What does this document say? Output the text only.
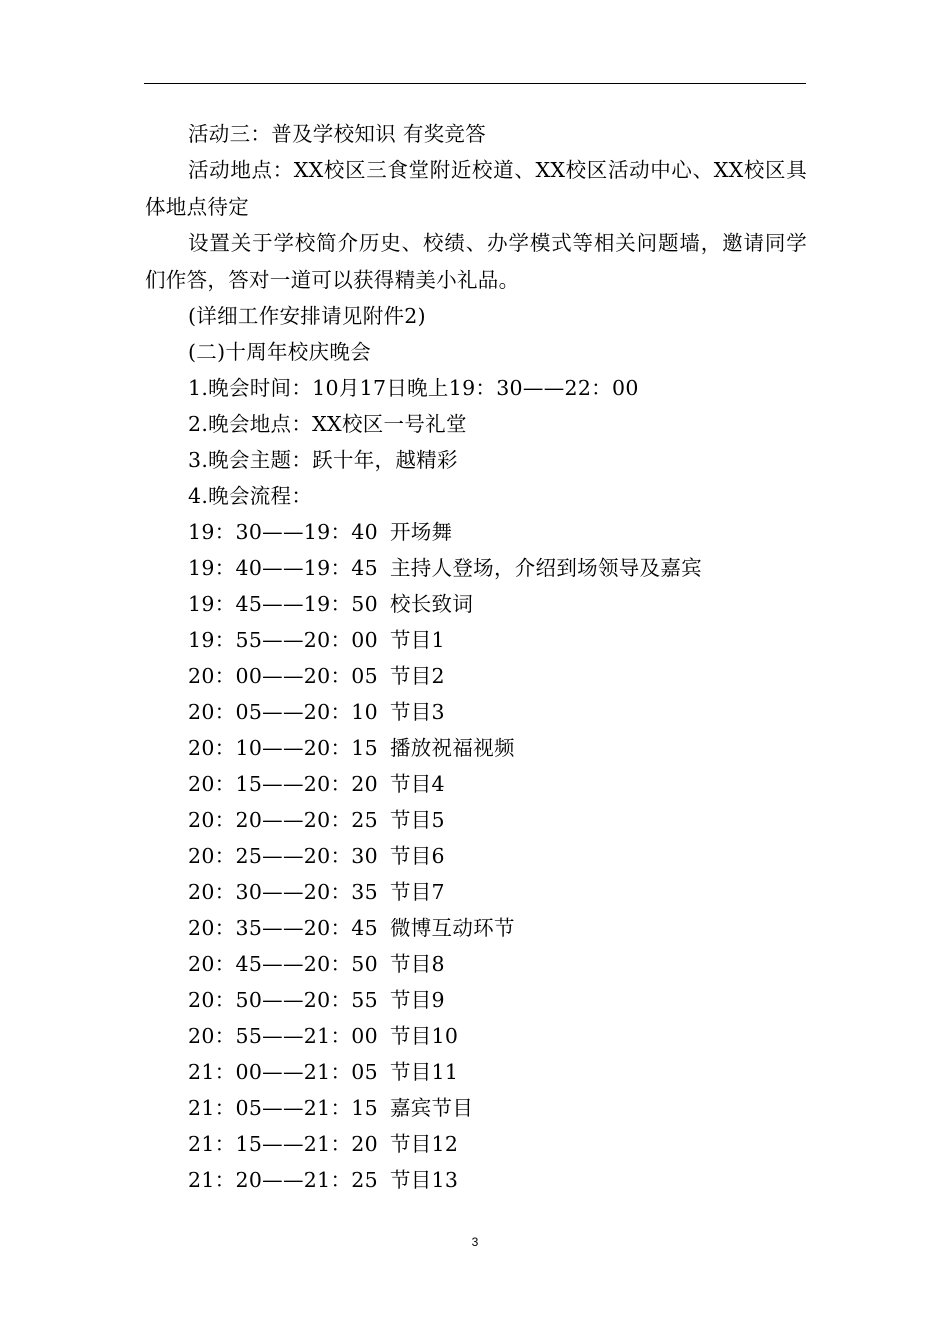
活动三：普及学校知识 有奖竞答

活动地点：XX校区三食堂附近校道、XX校区活动中心、XX校区具体地点待定

设置关于学校简介历史、校绩、办学模式等相关问题墙，邀请同学们作答，答对一道可以获得精美小礼品。

(详细工作安排请见附件2)
(二)十周年校庆晚会
1.晚会时间：10月17日晚上19：30——22：00
2.晚会地点：XX校区一号礼堂
3.晚会主题：跃十年，越精彩
4.晚会流程：
19：30——19：40 开场舞
19：40——19：45 主持人登场，介绍到场领导及嘉宾
19：45——19：50 校长致词
19：55——20：00 节目1
20：00——20：05 节目2
20：05——20：10 节目3
20：10——20：15 播放祝福视频
20：15——20：20 节目4
20：20——20：25 节目5
20：25——20：30 节目6
20：30——20：35 节目7
20：35——20：45 微博互动环节
20：45——20：50 节目8
20：50——20：55 节目9
20：55——21：00 节目10
21：00——21：05 节目11
21：05——21：15 嘉宾节目
21：15——21：20 节目12
21：20——21：25 节目13
3
